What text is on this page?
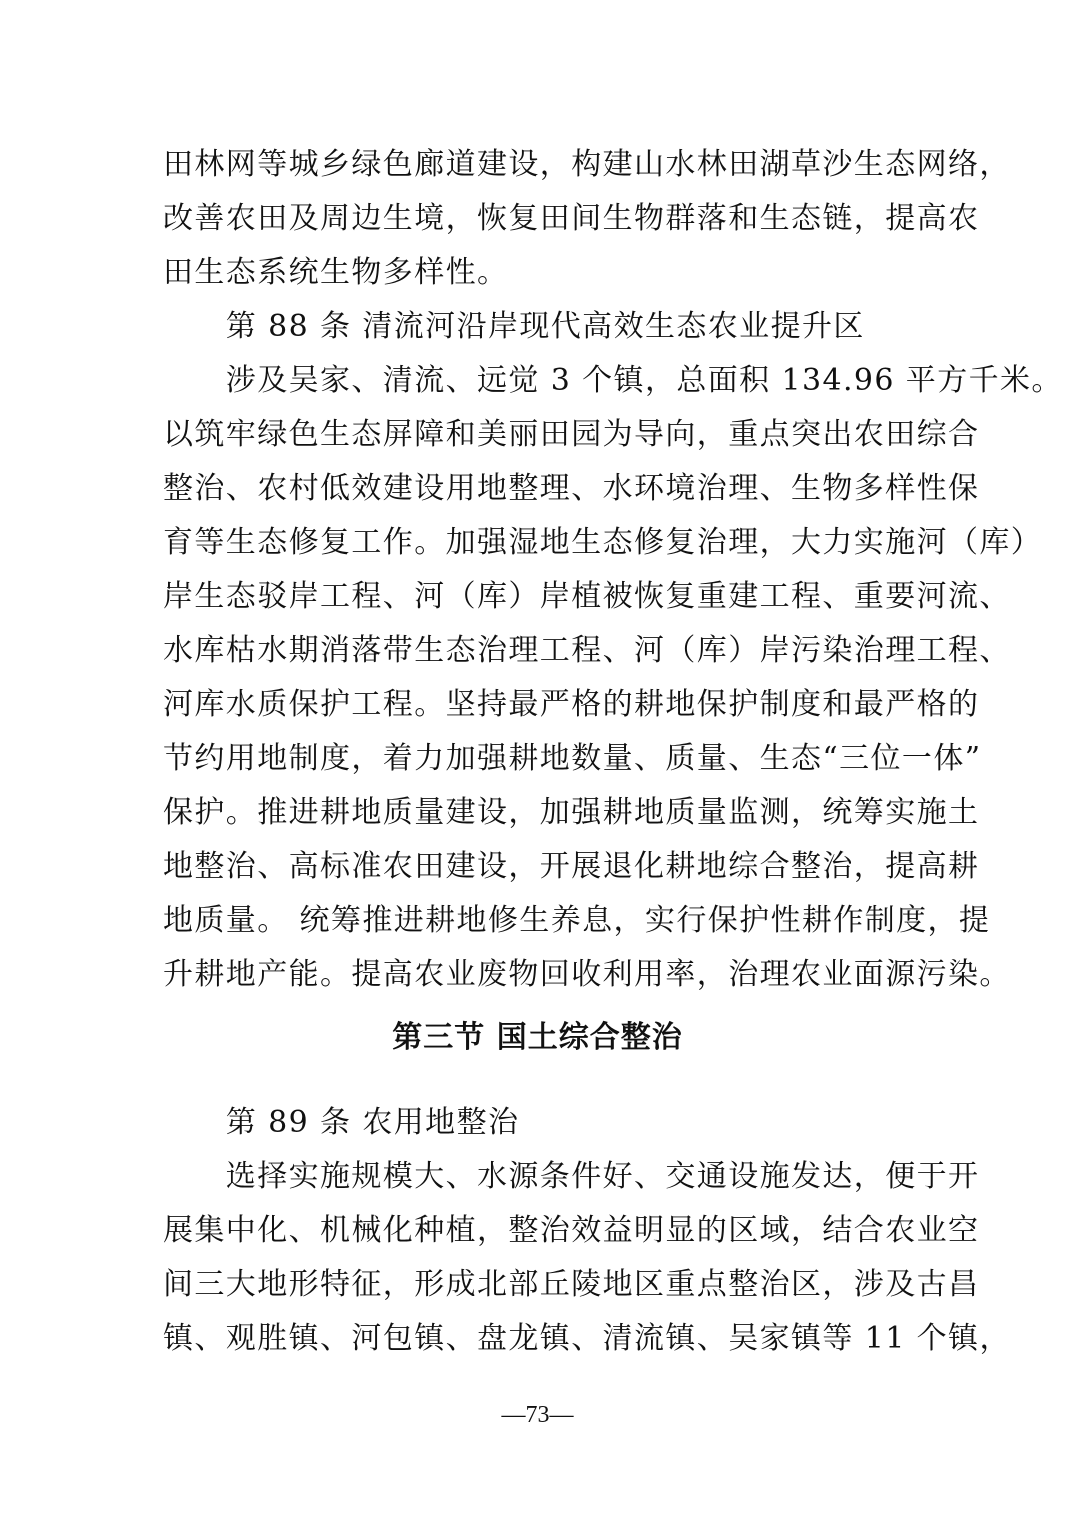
田林网等城乡绿色廊道建设，构建山水林田湖草沙生态网络，
改善农田及周边生境，恢复田间生物群落和生态链，提高农
田生态系统生物多样性。
　　第 88 条 清流河沿岸现代高效生态农业提升区
　　涉及吴家、清流、远觉 3 个镇，总面积 134.96 平方千米。
以筑牢绿色生态屏障和美丽田园为导向，重点突出农田综合
整治、农村低效建设用地整理、水环境治理、生物多样性保
育等生态修复工作。加强湿地生态修复治理，大力实施河（库）
岸生态驳岸工程、河（库）岸植被恢复重建工程、重要河流、
水库枯水期消落带生态治理工程、河（库）岸污染治理工程、
河库水质保护工程。坚持最严格的耕地保护制度和最严格的
节约用地制度，着力加强耕地数量、质量、生态“三位一体”
保护。推进耕地质量建设，加强耕地质量监测，统筹实施土
地整治、高标准农田建设，开展退化耕地综合整治，提高耕
地质量。 统筹推进耕地修生养息，实行保护性耕作制度，提
升耕地产能。提高农业废物回收利用率，治理农业面源污染。
第三节 国土综合整治
　　第 89 条 农用地整治
　　选择实施规模大、水源条件好、交通设施发达，便于开
展集中化、机械化种植，整治效益明显的区域，结合农业空
间三大地形特征，形成北部丘陵地区重点整治区，涉及古昌
镇、观胜镇、河包镇、盘龙镇、清流镇、吴家镇等 11 个镇，
—73—
